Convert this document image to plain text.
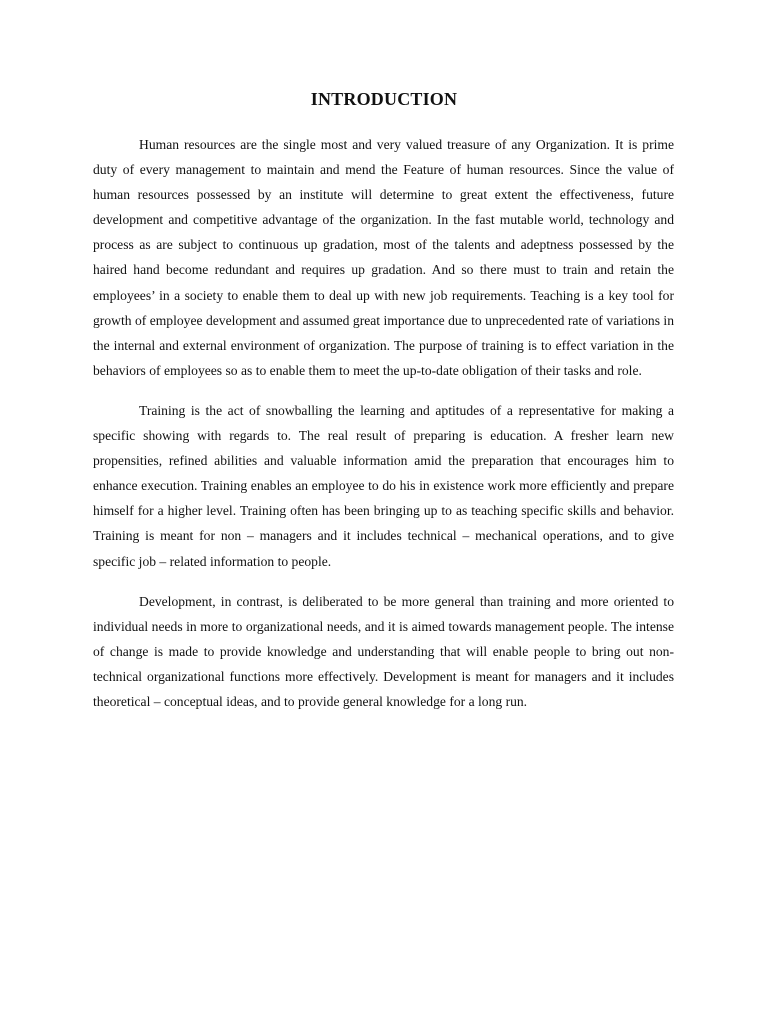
INTRODUCTION

Human resources are the single most and very valued treasure of any Organization. It is prime duty of every management to maintain and mend the Feature of human resources. Since the value of human resources possessed by an institute will determine to great extent the effectiveness, future development and competitive advantage of the organization. In the fast mutable world, technology and process as are subject to continuous up gradation, most of the talents and adeptness possessed by the haired hand become redundant and requires up gradation. And so there must to train and retain the employees’ in a society to enable them to deal up with new job requirements. Teaching is a key tool for growth of employee development and assumed great importance due to unprecedented rate of variations in the internal and external environment of organization. The purpose of training is to effect variation in the behaviors of employees so as to enable them to meet the up-to-date obligation of their tasks and role.

Training is the act of snowballing the learning and aptitudes of a representative for making a specific showing with regards to. The real result of preparing is education. A fresher learn new propensities, refined abilities and valuable information amid the preparation that encourages him to enhance execution. Training enables an employee to do his in existence work more efficiently and prepare himself for a higher level. Training often has been bringing up to as teaching specific skills and behavior. Training is meant for non – managers and it includes technical – mechanical operations, and to give specific job – related information to people.

Development, in contrast, is deliberated to be more general than training and more oriented to individual needs in more to organizational needs, and it is aimed towards management people. The intense of change is made to provide knowledge and understanding that will enable people to bring out non-technical organizational functions more effectively. Development is meant for managers and it includes theoretical – conceptual ideas, and to provide general knowledge for a long run.
